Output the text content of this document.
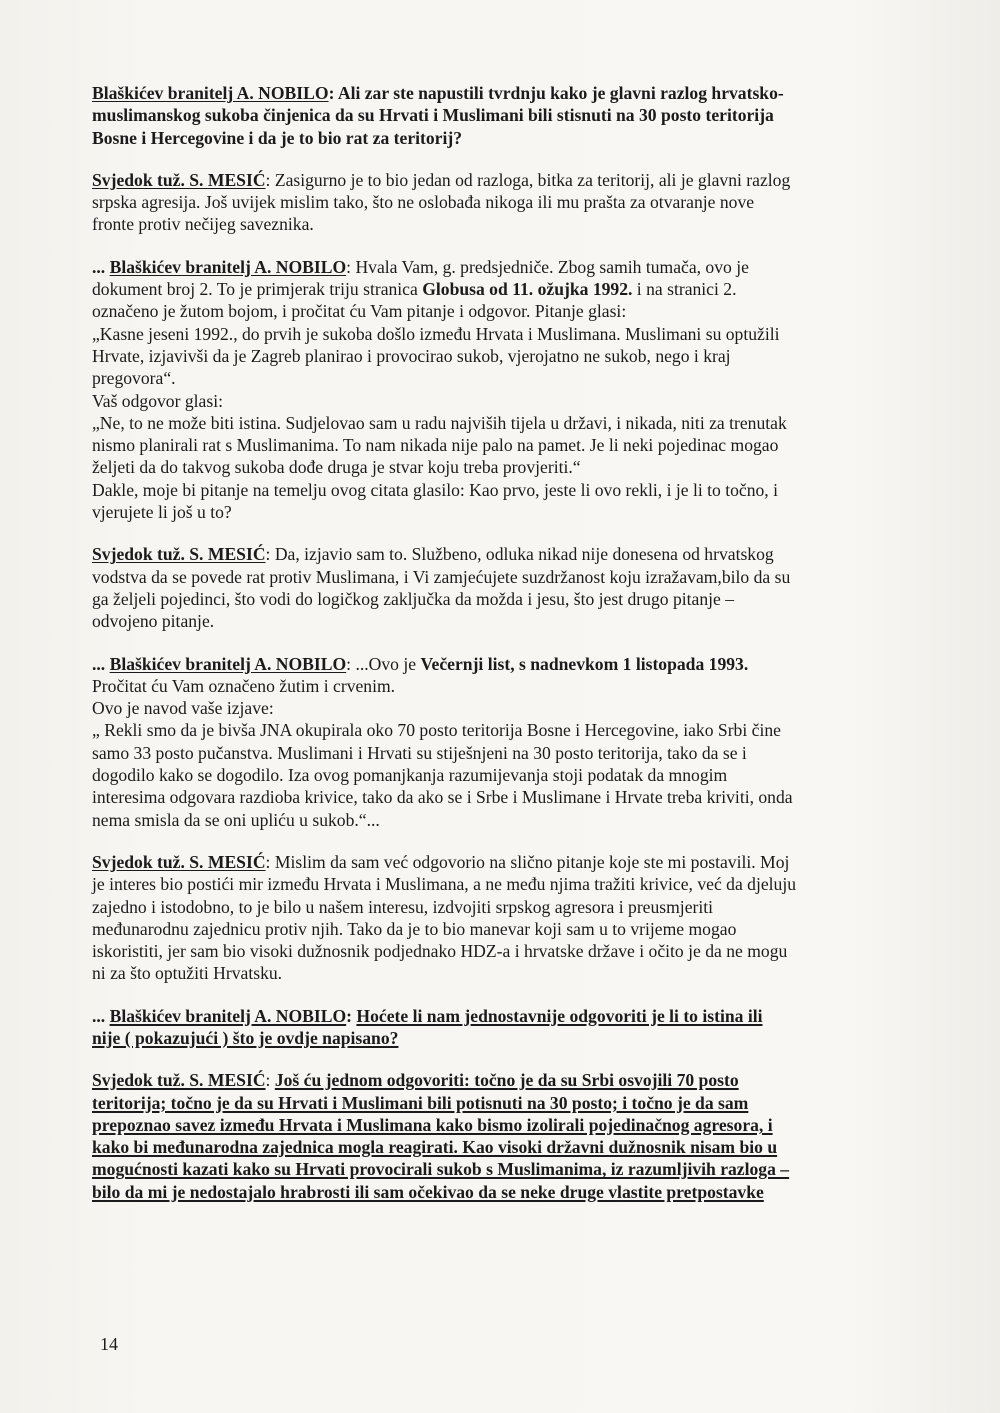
Blaškićev branitelj A. NOBILO: Ali zar ste napustili tvrdnju kako je glavni razlog hrvatsko-
muslimanskog sukoba činjenica da su Hrvati i Muslimani bili stisnuti na 30 posto teritorija
Bosne i Hercegovine i da je to bio rat za teritorij?
Svjedok tuž. S. MESIĆ: Zasigurno je to bio jedan od razloga, bitka za teritorij, ali je glavni razlog
srpska agresija. Još uvijek mislim tako, što ne oslobađa nikoga ili mu prašta za otvaranje nove
fronte protiv nečijeg saveznika.
... Blaškićev branitelj A. NOBILO: Hvala Vam, g. predsjedniče. Zbog samih tumača, ovo je
dokument broj 2. To je primjerak triju stranica Globusa od 11. ožujka 1992. i na stranici 2.
označeno je žutom bojom, i pročitat ću Vam pitanje i odgovor. Pitanje glasi:
„Kasne jeseni 1992., do prvih je sukoba došlo između Hrvata i Muslimana. Muslimani su optužili
Hrvate, izjavivši da je Zagreb planirao i provocirao sukob, vjerojatno ne sukob, nego i kraj
pregovora“.
Vaš odgovor glasi:
„Ne, to ne može biti istina. Sudjelovao sam u radu najviših tijela u državi, i nikada, niti za trenutak
nismo planirali rat s Muslimanima. To nam nikada nije palo na pamet. Je li neki pojedinac mogao
željeti da do takvog sukoba dođe druga je stvar koju treba provjeriti.“
Dakle, moje bi pitanje na temelju ovog citata glasilo: Kao prvo, jeste li ovo rekli, i je li to točno, i
vjerujete li još u to?
Svjedok tuž. S. MESIĆ: Da, izjavio sam to. Službeno, odluka nikad nije donesena od hrvatskog
vodstva da se povede rat protiv Muslimana, i Vi zamjećujete suzdržanost koju izražavam,bilo da su
ga željeli pojedinci, što vodi do logičkog zaključka da možda i jesu, što jest drugo pitanje –
odvojeno pitanje.
... Blaškićev branitelj A. NOBILO: ...Ovo je Večernji list, s nadnevkom 1 listopada 1993.
Pročitat ću Vam označeno žutim i crvenim.
Ovo je navod vaše izjave:
„ Rekli smo da je bivša JNA okupirala oko 70 posto teritorija Bosne i Hercegovine, iako Srbi čine
samo 33 posto pučanstva. Muslimani i Hrvati su stiješnjeni na 30 posto teritorija, tako da se i
dogodilo kako se dogodilo. Iza ovog pomanjkanja razumijevanja stoji podatak da mnogim
interesima odgovara razdioba krivice, tako da ako se i Srbe i Muslimane i Hrvate treba kriviti, onda
nema smisla da se oni upliću u sukob.“...
Svjedok tuž. S. MESIĆ: Mislim da sam već odgovorio na slično pitanje koje ste mi postavili. Moj
je interes bio postići mir između Hrvata i Muslimana, a ne među njima tražiti krivice, već da djeluju
zajedno i istodobno, to je bilo u našem interesu, izdvojiti srpskog agresora i preusmjeriti
međunarodnu zajednicu protiv njih. Tako da je to bio manevar koji sam u to vrijeme mogao
iskoristiti, jer sam bio visoki dužnosnik podjednako HDZ-a i hrvatske države i očito je da ne mogu
ni za što optužiti Hrvatsku.
... Blaškićev branitelj A. NOBILO: Hoćete li nam jednostavnije odgovoriti je li to istina ili
nije ( pokazujući ) što je ovdje napisano?
Svjedok tuž. S. MESIĆ: Još ću jednom odgovoriti: točno je da su Srbi osvojili 70 posto
teritorija; točno je da su Hrvati i Muslimani bili potisnuti na 30 posto; i točno je da sam
prepoznao savez između Hrvata i Muslimana kako bismo izolirali pojedinačnog agresora, i
kako bi međunarodna zajednica mogla reagirati. Kao visoki državni dužnosnik nisam bio u
mogućnosti kazati kako su Hrvati provocirali sukob s Muslimanima, iz razumljivih razloga –
bilo da mi je nedostajalo hrabrosti ili sam očekivao da se neke druge vlastite pretpostavke
14
